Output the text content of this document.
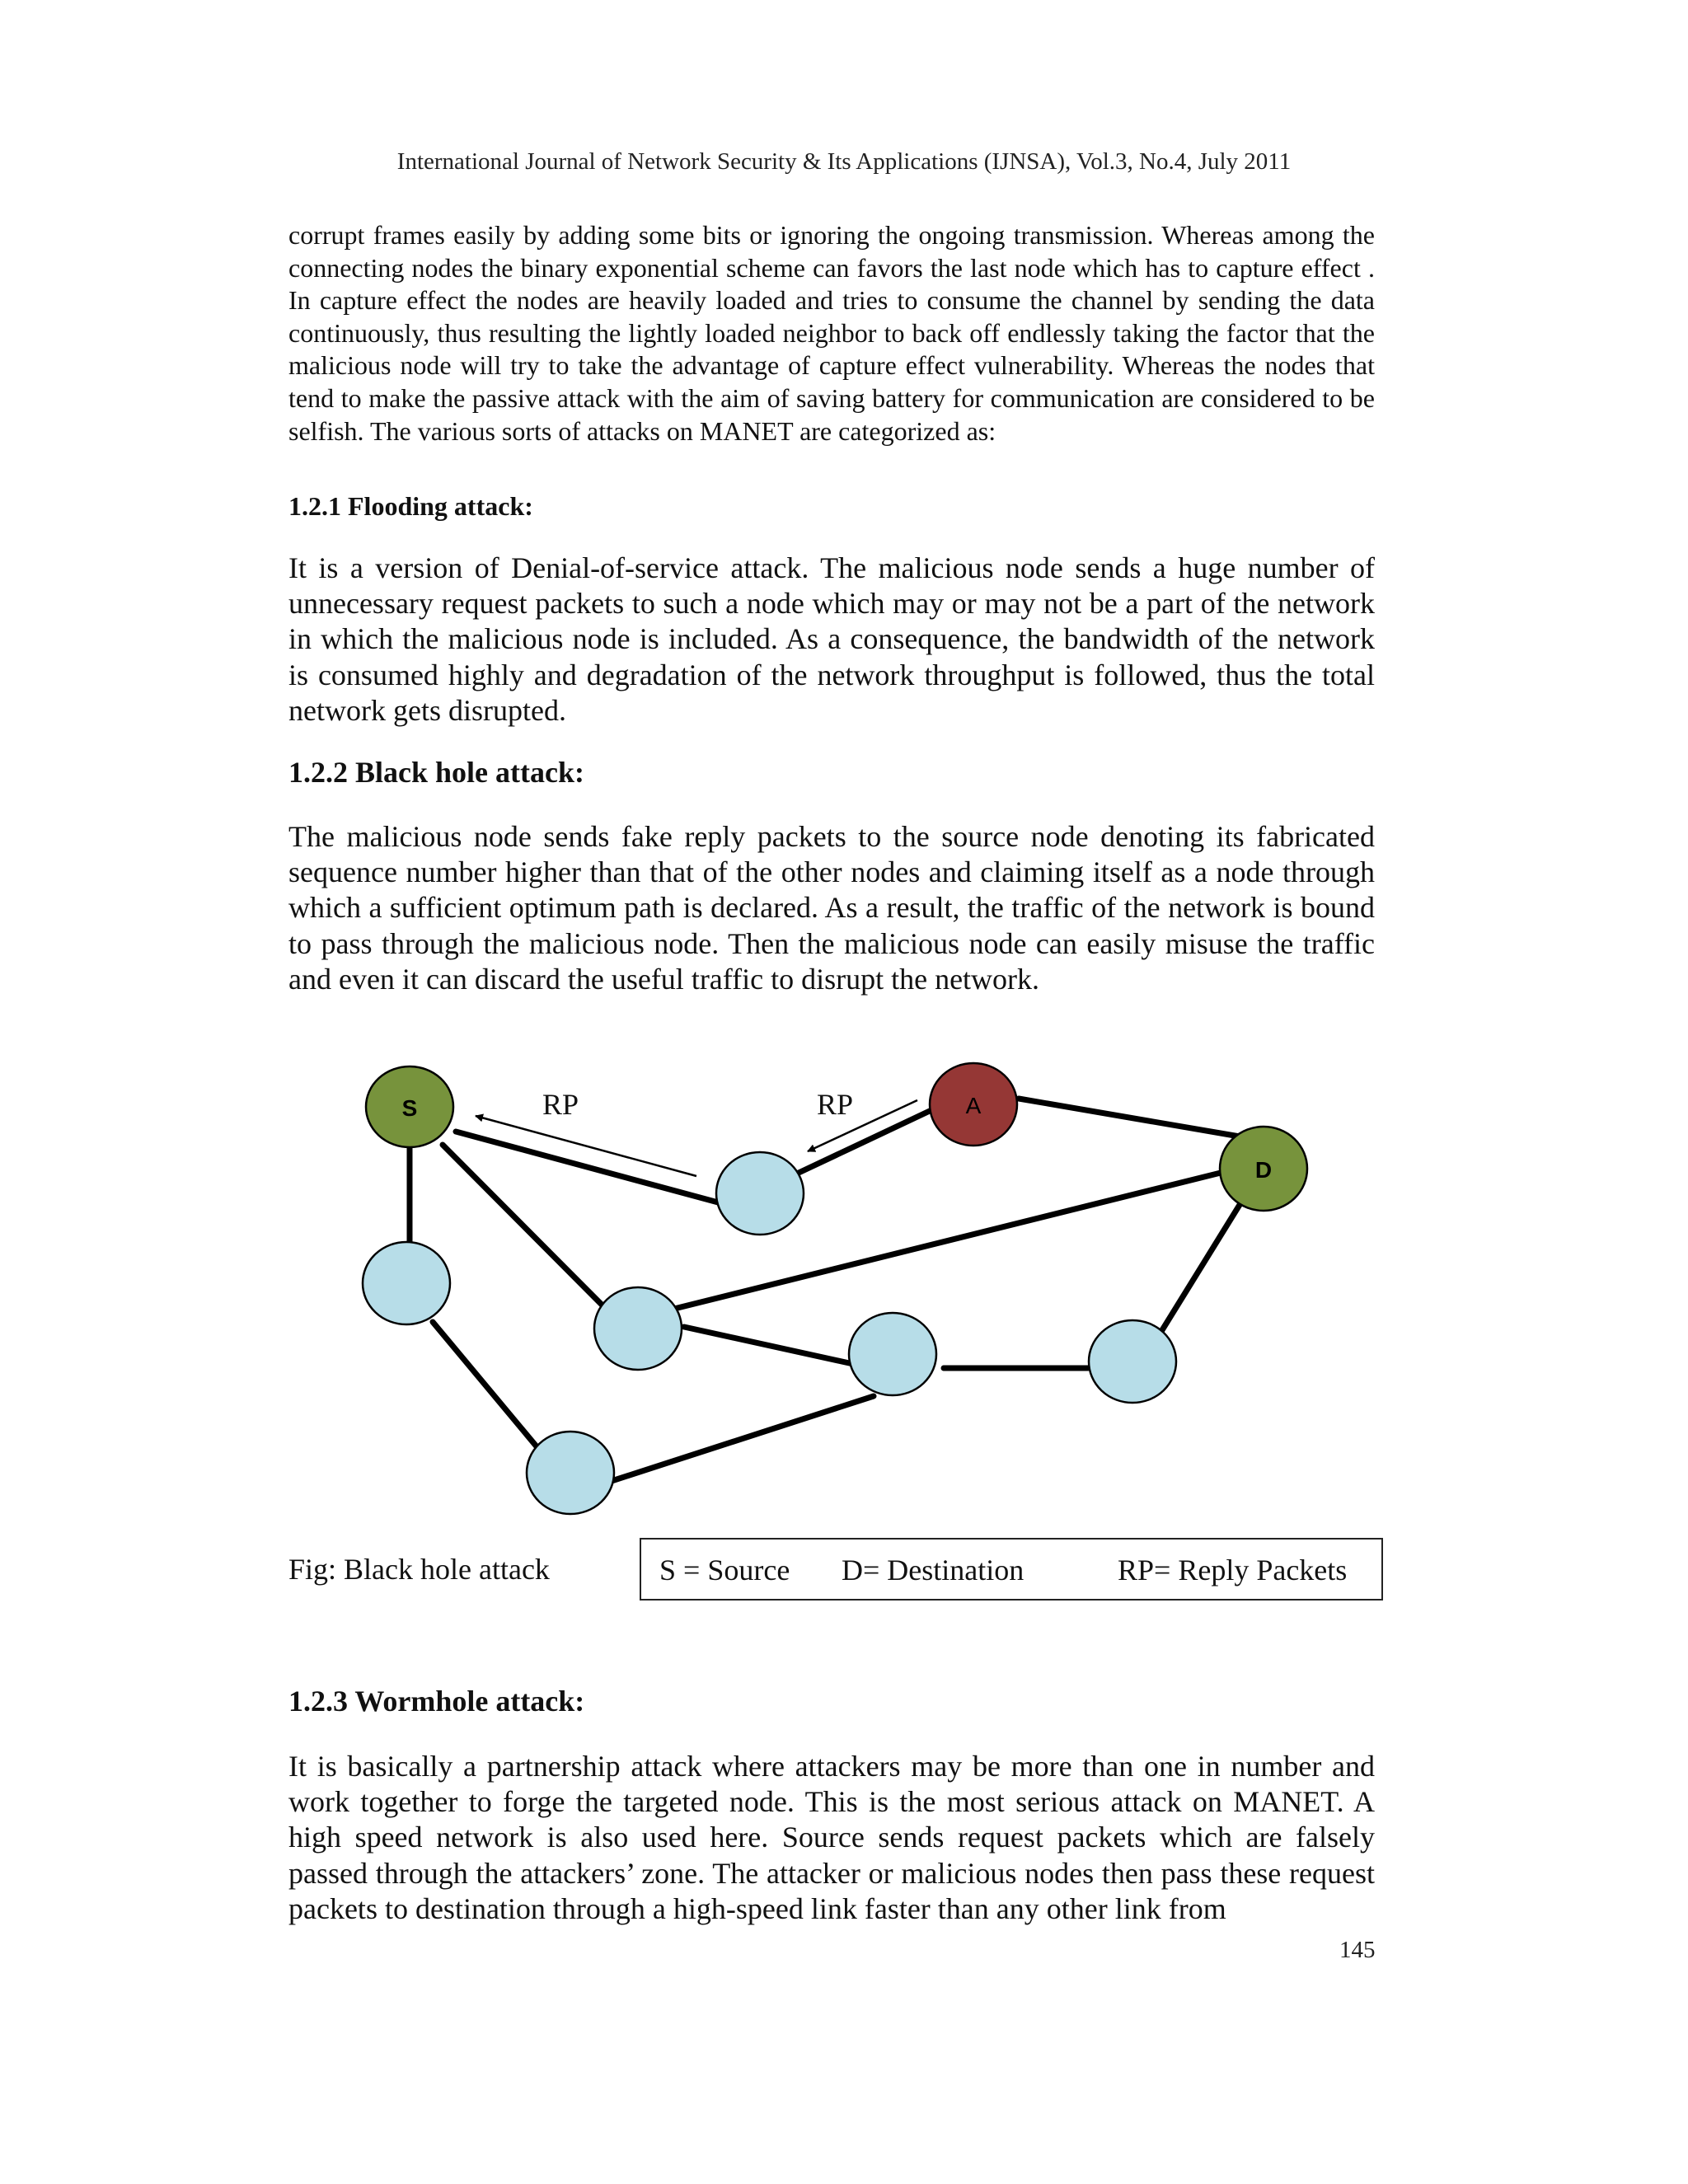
International Journal of Network Security & Its Applications (IJNSA), Vol.3, No.4, July 2011
corrupt frames easily by adding some bits or ignoring the ongoing transmission. Whereas among the connecting nodes the binary exponential scheme can favors the last node which has to capture effect . In capture effect the nodes are heavily loaded and tries to consume the channel by sending the data continuously, thus resulting the lightly loaded neighbor to back off endlessly taking the factor that the malicious node will try to take the advantage of capture effect vulnerability. Whereas the nodes that tend to make the passive attack with the aim of saving battery for communication are considered to be selfish. The various sorts of attacks on MANET are categorized as:
1.2.1 Flooding attack:
It is a version of Denial-of-service attack. The malicious node sends a huge number of unnecessary request packets to such a node which may or may not be a part of the network in which the malicious node is included. As a consequence, the bandwidth of the network is consumed highly and degradation of the network throughput is followed, thus the total network gets disrupted.
1.2.2 Black hole attack:
The malicious node sends fake reply packets to the source node denoting its fabricated sequence number higher than that of the other nodes and claiming itself as a node through which a sufficient optimum path is declared. As a result, the traffic of the network is bound to pass through the malicious node. Then the malicious node can easily misuse the traffic and even it can discard the useful traffic to disrupt the network.
RP	RP
S	A
D
Fig: Black hole attack	S = Source D= Destination	RP= Reply Packets
1.2.3 Wormhole attack:
It is basically a partnership attack where attackers may be more than one in number and work together to forge the targeted node. This is the most serious attack on MANET. A high speed network is also used here. Source sends request packets which are falsely passed through the attackers’ zone. The attacker or malicious nodes then pass these request packets to destination through a high-speed link faster than any other link from
145
